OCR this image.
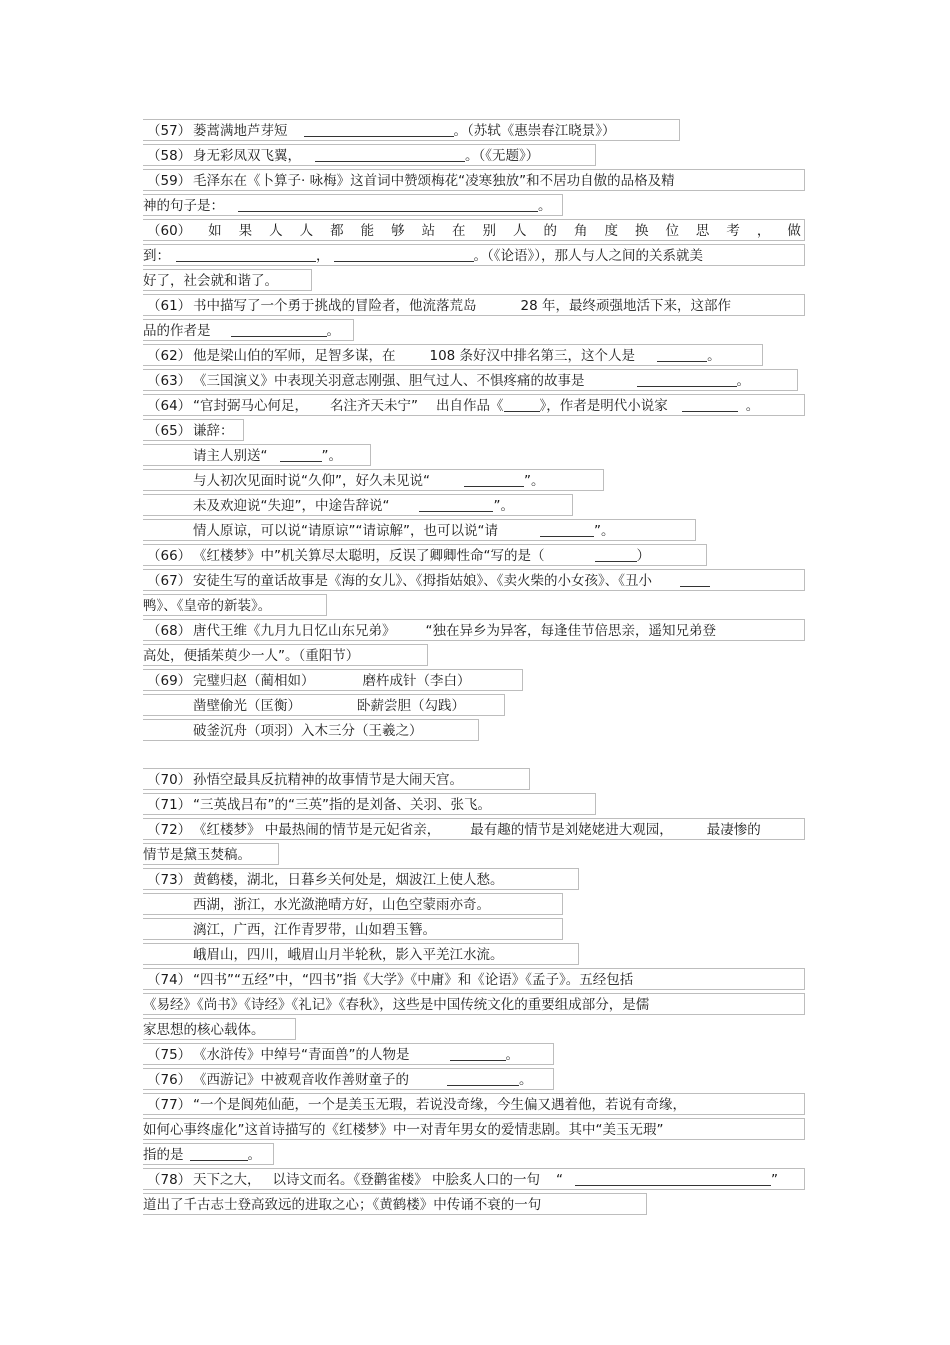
（57） 蒌蒿满地芦芽短	。（苏轼《惠崇春江晓景》）
（58） 身无彩凤双飞翼，	。（《无题》）
（59） 毛泽东在《卜算子· 咏梅》这首词中赞颂梅花“凌寒独放”和不居功自傲的品格及精
神的句子是：	。
（60） 如 果 人 人 都 能 够 站 在 别 人 的 角 度 换 位 思 考 ， 做
到：	，	。（《论语》），那人与人之间的关系就美
好了，社会就和谐了。
（61） 书中描写了一个勇于挑战的冒险者，他流落荒岛	28 年，最终顽强地活下来，这部作
品的作者是	。
（62） 他是梁山伯的军师，足智多谋，在	108 条好汉中排名第三，这个人是	。
（63） 《三国演义》中表现关羽意志刚强、胆气过人、不惧疼痛的故事是	。
（64） “官封弼马心何足， 名注齐天未宁” 出自作品《	》，作者是明代小说家	。
（65） 谦辞：
请主人别送“	”。
与人初次见面时说“久仰”，好久未见说“	”。
未及欢迎说“失迎”，中途告辞说“	”。
情人原谅，可以说“请原谅”“请谅解”，也可以说“请	”。
（66） 《红楼梦》中”机关算尽太聪明，反误了卿卿性命“写的是（	）
（67） 安徒生写的童话故事是《海的女儿》、《拇指姑娘》、《卖火柴的小女孩》、《丑小
鸭》、《皇帝的新装》。
（68） 唐代王维《九月九日忆山东兄弟》 “独在异乡为异客，每逢佳节倍思亲，遥知兄弟登
高处，便插茱萸少一人”。（重阳节）
（69） 完璧归赵（蔺相如）	磨杵成针（李白）
凿壁偷光（匡衡）	卧薪尝胆（勾践）
破釜沉舟（项羽）入木三分（王羲之）
（70） 孙悟空最具反抗精神的故事情节是大闹天宫。
（71） “三英战吕布”的“三英”指的是刘备、关羽、张飞。
（72） 《红楼梦》 中最热闹的情节是元妃省亲， 最有趣的情节是刘姥姥进大观园，	最凄惨的
情节是黛玉焚稿。
（73） 黄鹤楼，湖北，日暮乡关何处是，烟波江上使人愁。
西湖，浙江，水光潋滟晴方好，山色空蒙雨亦奇。
漓江，广西，江作青罗带，山如碧玉簪。
峨眉山，四川，峨眉山月半轮秋，影入平羌江水流。
（74） “四书”“五经”中，“四书”指《大学》《中庸》和《论语》《孟子》。五经包括
《易经》《尚书》《诗经》《礼记》《春秋》，这些是中国传统文化的重要组成部分，是儒
家思想的核心载体。
（75） 《水浒传》中绰号“青面兽”的人物是	。
（76） 《西游记》中被观音收作善财童子的	。
（77） “一个是阆苑仙葩，一个是美玉无瑕，若说没奇缘，今生偏又遇着他，若说有奇缘，
如何心事终虚化”这首诗描写的《红楼梦》中一对青年男女的爱情悲剧。其中“美玉无瑕”
指的是	。
（78） 天下之大， 以诗文而名。《登鹳雀楼》 中脍炙人口的一句 “	”
道出了千古志士登高致远的进取之心；《黄鹤楼》中传诵不衰的一句
